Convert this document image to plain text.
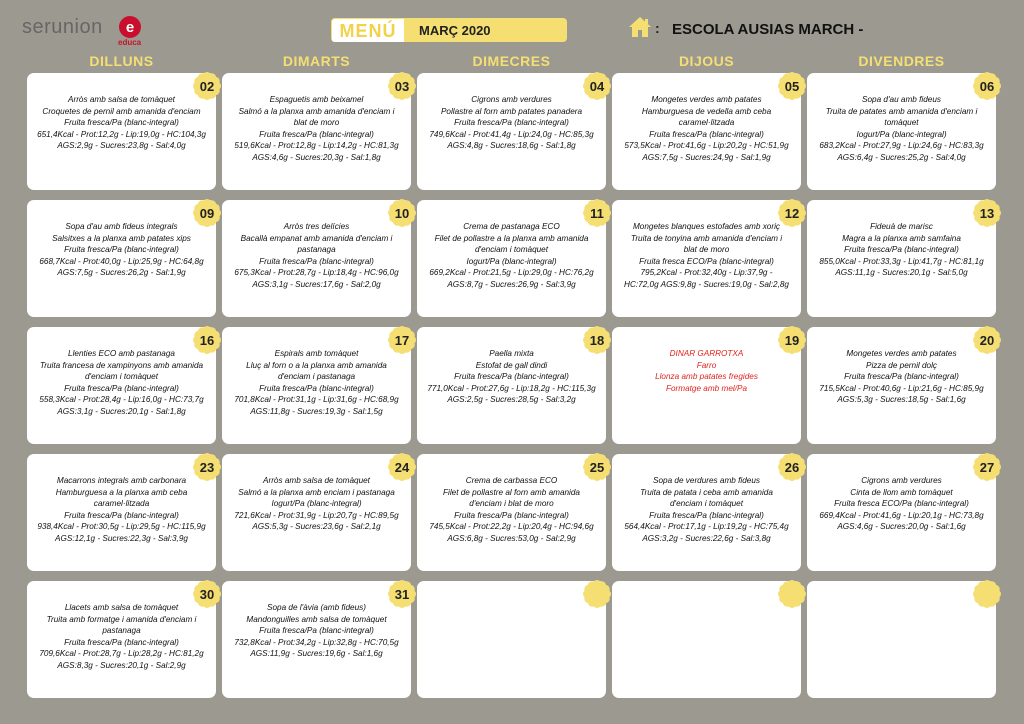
serunion	e
educa
MENÚ	MARÇ 2020	: ESCOLA AUSIAS MARCH -
DILLUNS	DIMARTS	DIMECRES	DIJOUS	DIVENDRES
02
Arròs amb salsa de tomàquet
Croquetes de pernil amb amanida d'enciam
Fruita fresca/Pa (blanc-integral)
651,4Kcal - Prot:12,2g - Lip:19,0g - HC:104,3g
AGS:2,9g - Sucres:23,8g - Sal:4,0g
03
Espaguetis amb beixamel
Salmó a la planxa amb amanida d'enciam i
blat de moro
Fruita fresca/Pa (blanc-integral)
519,6Kcal - Prot:12,8g - Lip:14,2g - HC:81,3g
AGS:4,6g - Sucres:20,3g - Sal:1,8g
04
Cigrons amb verdures
Pollastre al forn amb patates panadera
Fruita fresca/Pa (blanc-integral)
749,6Kcal - Prot:41,4g - Lip:24,0g - HC:85,3g
AGS:4,8g - Sucres:18,6g - Sal:1,8g
05
Mongetes verdes amb patates
Hamburguesa de vedella amb ceba
caramel·litzada
Fruita fresca/Pa (blanc-integral)
573,5Kcal - Prot:41,6g - Lip:20,2g - HC:51,9g
AGS:7,5g - Sucres:24,9g - Sal:1,9g
06
Sopa d'au amb fideus
Truita de patates amb amanida d'enciam i
tomàquet
Iogurt/Pa (blanc-integral)
683,2Kcal - Prot:27,9g - Lip:24,6g - HC:83,3g
AGS:6,4g - Sucres:25,2g - Sal:4,0g
09
Sopa d'au amb fideus integrals
Salsitxes a la planxa amb patates xips
Fruita fresca/Pa (blanc-integral)
668,7Kcal - Prot:40,0g - Lip:25,9g - HC:64,8g
AGS:7,5g - Sucres:26,2g - Sal:1,9g
10
Arròs tres delícies
Bacallà empanat amb amanida d'enciam i
pastanaga
Fruita fresca/Pa (blanc-integral)
675,3Kcal - Prot:28,7g - Lip:18,4g - HC:96,0g
AGS:3,1g - Sucres:17,6g - Sal:2,0g
11
Crema de pastanaga ECO
Filet de pollastre a la planxa amb amanida
d'enciam i tomàquet
Iogurt/Pa (blanc-integral)
669,2Kcal - Prot:21,5g - Lip:29,0g - HC:76,2g
AGS:8,7g - Sucres:26,9g - Sal:3,9g
12
Mongetes blanques estofades amb xoriç
Truita de tonyina amb amanida d'enciam i
blat de moro
Fruita fresca ECO/Pa (blanc-integral)
795,2Kcal - Prot:32,40g - Lip:37,9g -
HC:72,0g AGS:9,8g - Sucres:19,0g - Sal:2,8g
13
Fideuà de marisc
Magra a la planxa amb samfaina
Fruita fresca/Pa (blanc-integral)
855,0Kcal - Prot:33,3g - Lip:41,7g - HC:81,1g
AGS:11,1g - Sucres:20,1g - Sal:5,0g
16
Llenties ECO amb pastanaga
Truita francesa de xampinyons amb amanida
d'enciam i tomàquet
Fruita fresca/Pa (blanc-integral)
558,3Kcal - Prot:28,4g - Lip:16,0g - HC:73,7g
AGS:3,1g - Sucres:20,1g - Sal:1,8g
17
Espirals amb tomàquet
Lluç al forn o a la planxa amb amanida
d'enciam i pastanaga
Fruita fresca/Pa (blanc-integral)
701,8Kcal - Prot:31,1g - Lip:31,6g - HC:68,9g
AGS:11,8g - Sucres:19,3g - Sal:1,5g
18
Paella mixta
Estofat de gall dindi
Fruita fresca/Pa (blanc-integral)
771,0Kcal - Prot:27,6g - Lip:18,2g - HC:115,3g
AGS:2,5g - Sucres:28,5g - Sal:3,2g
19
DINAR GARROTXA
Farro
Llonza amb patates fregides
Formatge amb mel/Pa
20
Mongetes verdes amb patates
Pizza de pernil dolç
Fruita fresca/Pa (blanc-integral)
715,5Kcal - Prot:40,6g - Lip:21,6g - HC:85,9g
AGS:5,3g - Sucres:18,5g - Sal:1,6g
23
Macarrons integrals amb carbonara
Hamburguesa a la planxa amb ceba
caramel·litzada
Fruita fresca/Pa (blanc-integral)
938,4Kcal - Prot:30,5g - Lip:29,5g - HC:115,9g
AGS:12,1g - Sucres:22,3g - Sal:3,9g
24
Arròs amb salsa de tomàquet
Salmó a la planxa amb enciam i pastanaga
Iogurt/Pa (blanc-integral)
721,6Kcal - Prot:31,9g - Lip:20,7g - HC:89,5g
AGS:5,3g - Sucres:23,6g - Sal:2,1g
25
Crema de carbassa ECO
Filet de pollastre al forn amb amanida
d'enciam i blat de moro
Fruita fresca/Pa (blanc-integral)
745,5Kcal - Prot:22,2g - Lip:20,4g - HC:94,6g
AGS:6,8g - Sucres:53,0g - Sal:2,9g
26
Sopa de verdures amb fideus
Truita de patata i ceba amb amanida
d'enciam i tomàquet
Fruita fresca/Pa (blanc-integral)
564,4Kcal - Prot:17,1g - Lip:19,2g - HC:75,4g
AGS:3,2g - Sucres:22,6g - Sal:3,8g
27
Cigrons amb verdures
Cinta de llom amb tomàquet
Fruita fresca ECO/Pa (blanc-integral)
669,4Kcal - Prot:41,6g - Lip:20,1g - HC:73,8g
AGS:4,6g - Sucres:20,0g - Sal:1,6g
30
Llacets amb salsa de tomàquet
Truita amb formatge i amanida d'enciam i
pastanaga
Fruita fresca/Pa (blanc-integral)
709,6Kcal - Prot:28,7g - Lip:28,2g - HC:81,2g
AGS:8,3g - Sucres:20,1g - Sal:2,9g
31
Sopa de l'àvia (amb fideus)
Mandonguilles amb salsa de tomàquet
Fruita fresca/Pa (blanc-integral)
732,8Kcal - Prot:34,2g - Lip:32,8g - HC:70,5g
AGS:11,9g - Sucres:19,6g - Sal:1,6g
